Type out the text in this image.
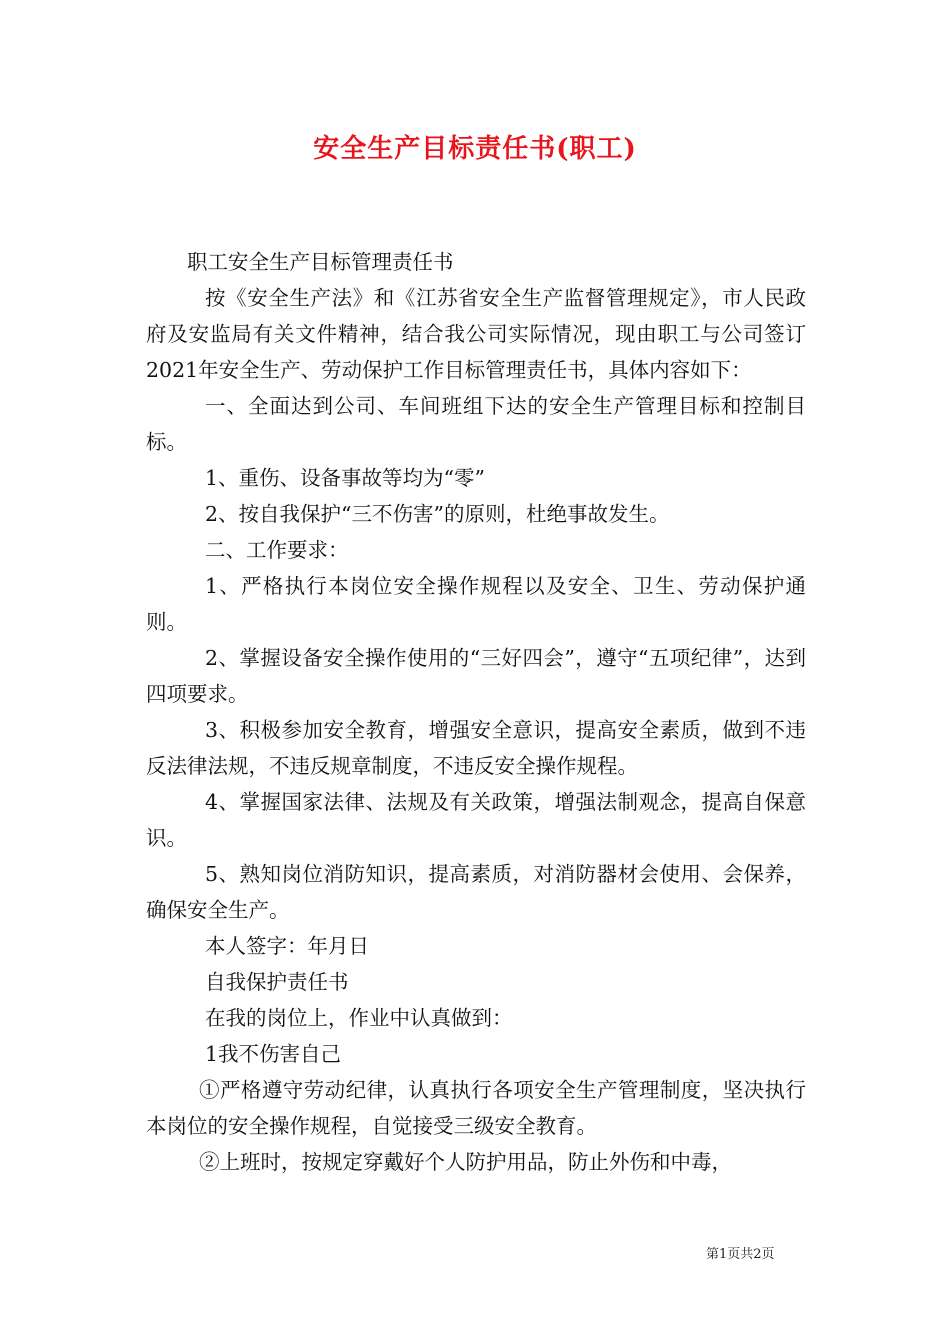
安全生产目标责任书(职工)

职工安全生产目标管理责任书

按《安全生产法》和《江苏省安全生产监督管理规定》，市人民政府及安监局有关文件精神，结合我公司实际情况，现由职工与公司签订2021年安全生产、劳动保护工作目标管理责任书，具体内容如下：

一、全面达到公司、车间班组下达的安全生产管理目标和控制目标。

1、重伤、设备事故等均为“零”

2、按自我保护“三不伤害”的原则，杜绝事故发生。

二、工作要求：

1、严格执行本岗位安全操作规程以及安全、卫生、劳动保护通则。

2、掌握设备安全操作使用的“三好四会”，遵守“五项纪律”，达到四项要求。

3、积极参加安全教育，增强安全意识，提高安全素质，做到不违反法律法规，不违反规章制度，不违反安全操作规程。

4、掌握国家法律、法规及有关政策，增强法制观念，提高自保意识。

5、熟知岗位消防知识，提高素质，对消防器材会使用、会保养，确保安全生产。

本人签字：年月日

自我保护责任书

在我的岗位上，作业中认真做到：

1我不伤害自己

①严格遵守劳动纪律，认真执行各项安全生产管理制度，坚决执行本岗位的安全操作规程，自觉接受三级安全教育。

②上班时，按规定穿戴好个人防护用品，防止外伤和中毒，

第1页共2页
